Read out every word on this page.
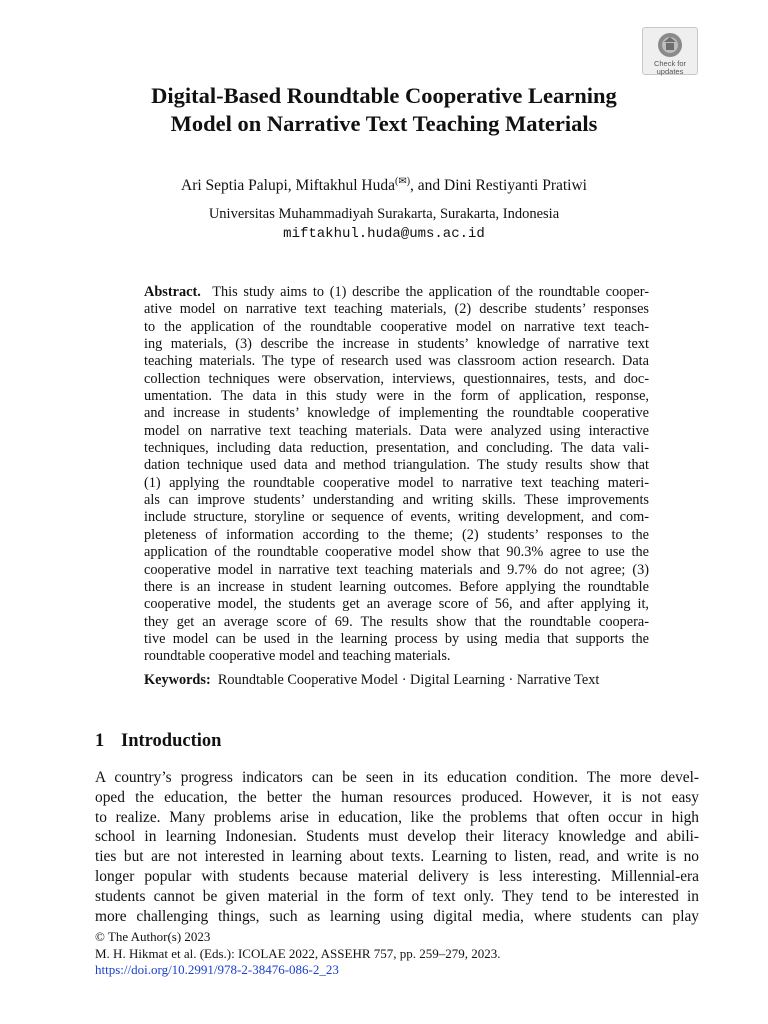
Check for
updates
Digital-Based Roundtable Cooperative Learning
Model on Narrative Text Teaching Materials
Ari Septia Palupi, Miftakhul Huda(✉), and Dini Restiyanti Pratiwi
Universitas Muhammadiyah Surakarta, Surakarta, Indonesia
miftakhul.huda@ums.ac.id

Abstract. This study aims to (1) describe the application of the roundtable cooper-
ative model on narrative text teaching materials, (2) describe students’ responses
to the application of the roundtable cooperative model on narrative text teach-
ing materials, (3) describe the increase in students’ knowledge of narrative text
teaching materials. The type of research used was classroom action research. Data
collection techniques were observation, interviews, questionnaires, tests, and doc-
umentation. The data in this study were in the form of application, response,
and increase in students’ knowledge of implementing the roundtable cooperative
model on narrative text teaching materials. Data were analyzed using interactive
techniques, including data reduction, presentation, and concluding. The data vali-
dation technique used data and method triangulation. The study results show that
(1) applying the roundtable cooperative model to narrative text teaching materi-
als can improve students’ understanding and writing skills. These improvements
include structure, storyline or sequence of events, writing development, and com-
pleteness of information according to the theme; (2) students’ responses to the
application of the roundtable cooperative model show that 90.3% agree to use the
cooperative model in narrative text teaching materials and 9.7% do not agree; (3)
there is an increase in student learning outcomes. Before applying the roundtable
cooperative model, the students get an average score of 56, and after applying it,
they get an average score of 69. The results show that the roundtable coopera-
tive model can be used in the learning process by using media that supports the
roundtable cooperative model and teaching materials.

Keywords: Roundtable Cooperative Model · Digital Learning · Narrative Text
1 Introduction

A country’s progress indicators can be seen in its education condition. The more devel-
oped the education, the better the human resources produced. However, it is not easy
to realize. Many problems arise in education, like the problems that often occur in high
school in learning Indonesian. Students must develop their literacy knowledge and abili-
ties but are not interested in learning about texts. Learning to listen, read, and write is no
longer popular with students because material delivery is less interesting. Millennial-era
students cannot be given material in the form of text only. They tend to be interested in
more challenging things, such as learning using digital media, where students can play

© The Author(s) 2023
M. H. Hikmat et al. (Eds.): ICOLAE 2022, ASSEHR 757, pp. 259–279, 2023.
https://doi.org/10.2991/978-2-38476-086-2_23
